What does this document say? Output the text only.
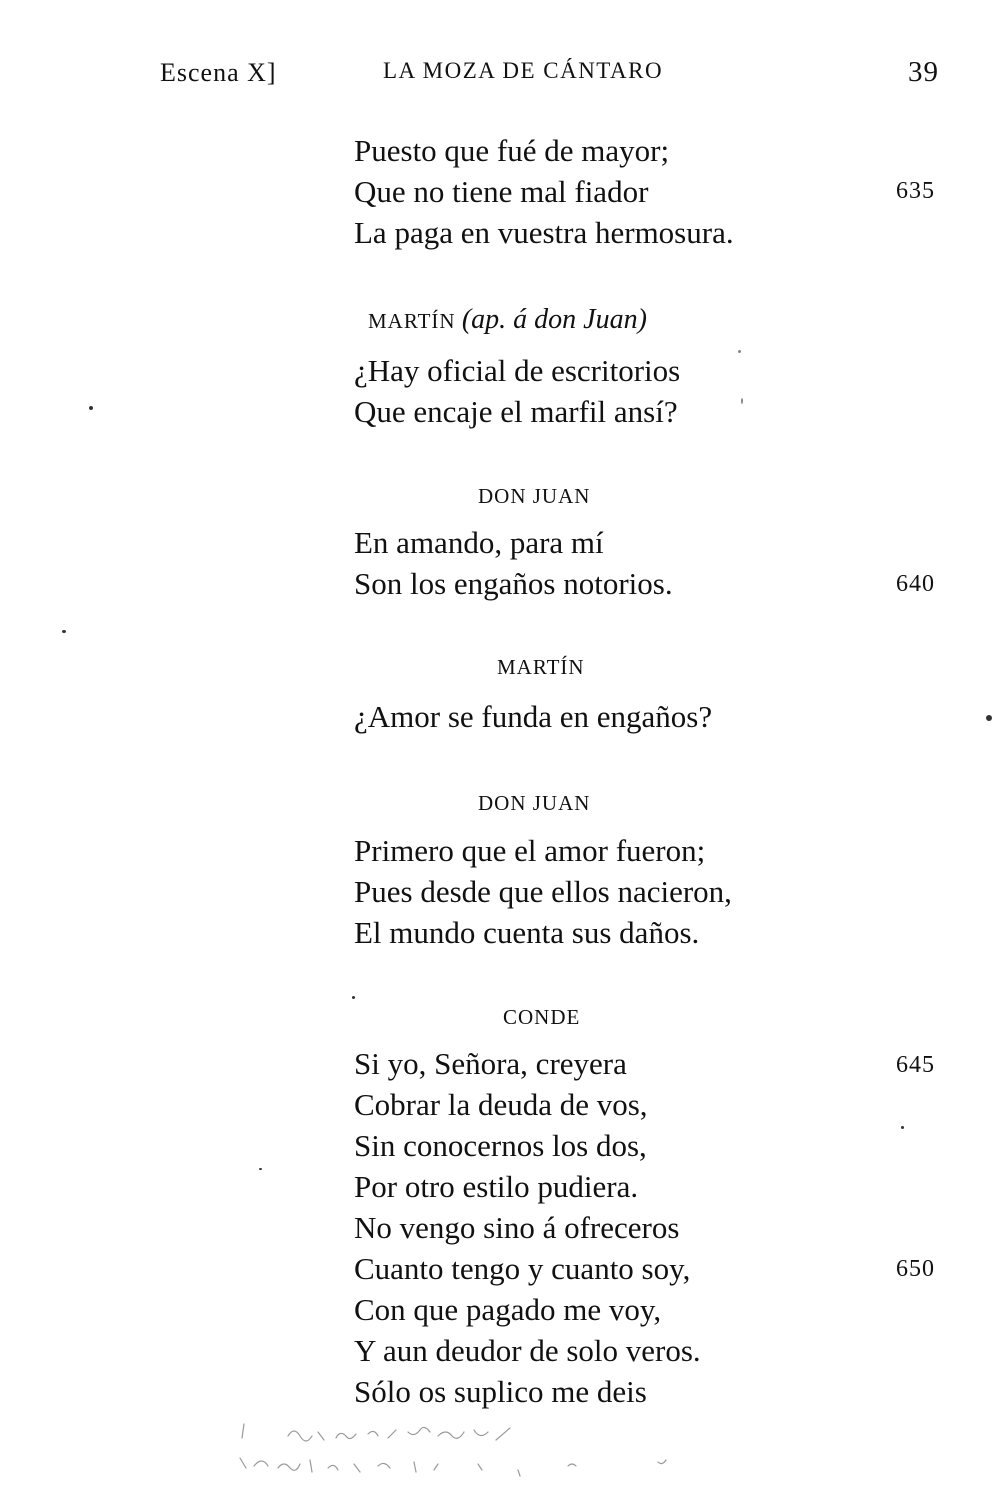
Escena X]	LA MOZA DE CÁNTARO	39
Puesto que fué de mayor;
Que no tiene mal fiador
La paga en vuestra hermosura.
MARTÍN (ap. á don Juan)
¿Hay oficial de escritorios
Que encaje el marfil ansí?
DON JUAN
En amando, para mí
Son los engaños notorios.
MARTÍN
¿Amor se funda en engaños?
DON JUAN
Primero que el amor fueron;
Pues desde que ellos nacieron,
El mundo cuenta sus daños.
CONDE
Si yo, Señora, creyera
Cobrar la deuda de vos,
Sin conocernos los dos,
Por otro estilo pudiera.
No vengo sino á ofreceros
Cuanto tengo y cuanto soy,
Con que pagado me voy,
Y aun deudor de solo veros.
Sólo os suplico me deis
635
640
645
650
